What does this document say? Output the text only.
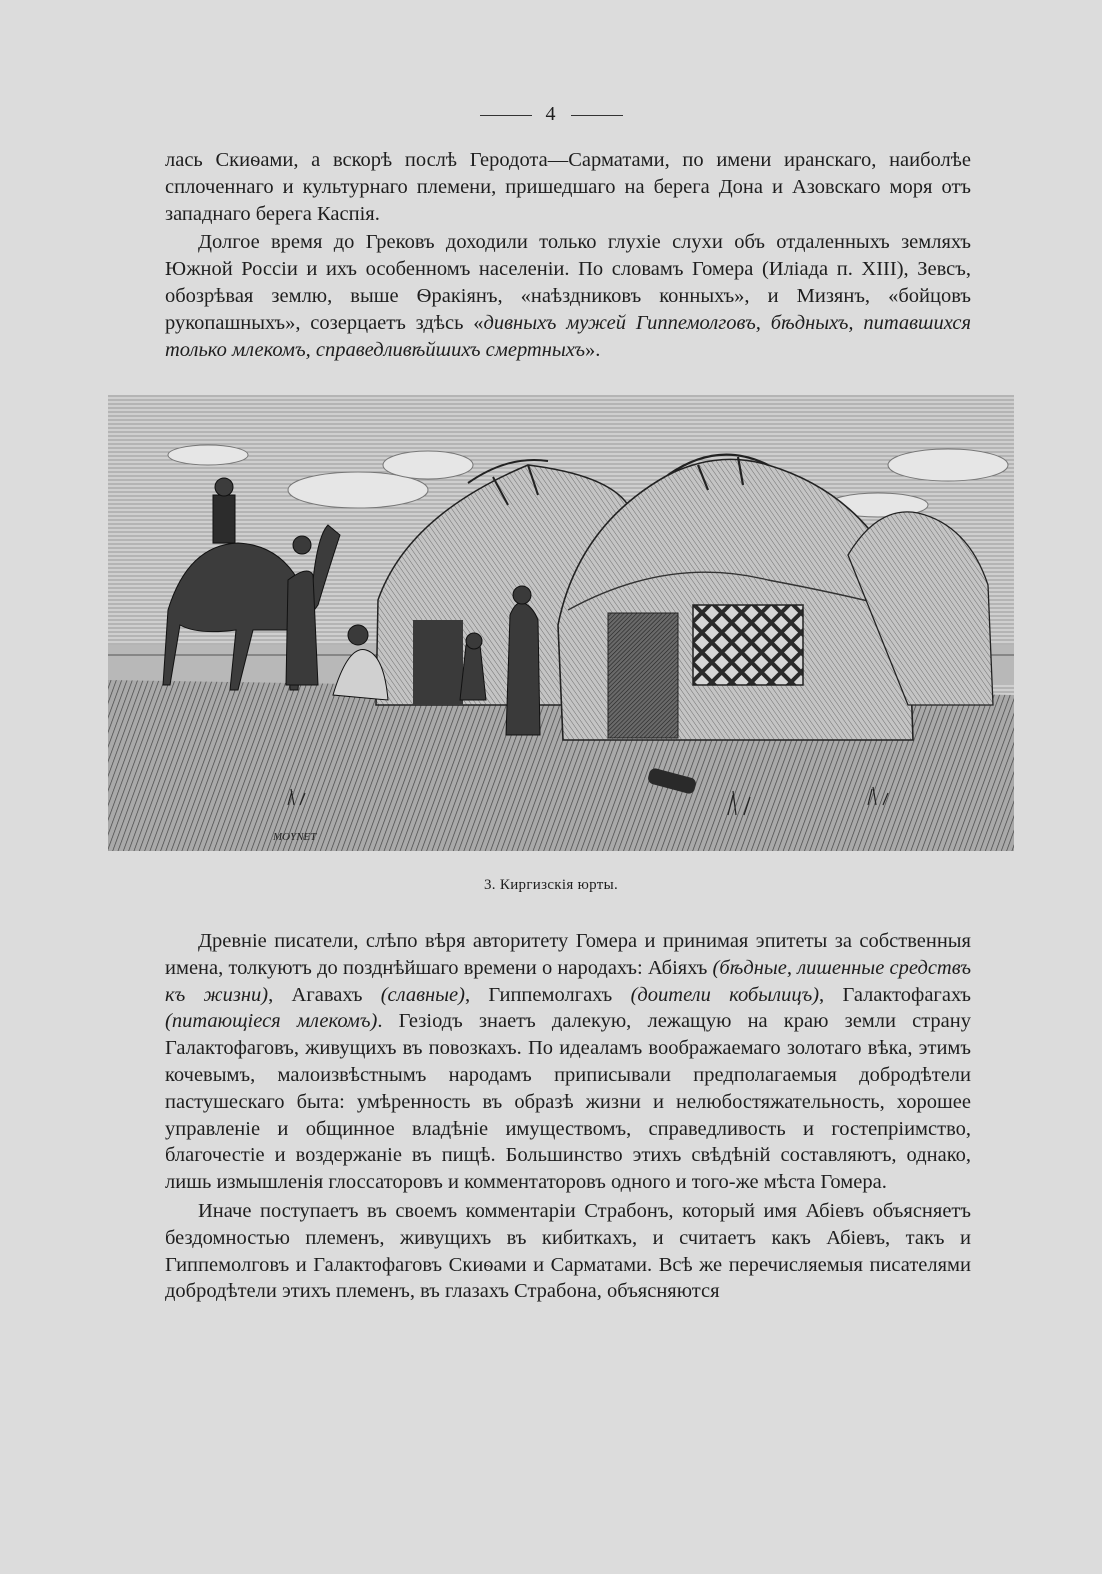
4

лась Скиѳами, а вскорѣ послѣ Геродота—Сарматами, по имени иранскаго, наиболѣе сплоченнаго и культурнаго племени, пришедшаго на берега Дона и Азовскаго моря отъ западнаго берега Каспія.

Долгое время до Грековъ доходили только глухіе слухи объ отдаленныхъ земляхъ Южной Россіи и ихъ особенномъ населеніи. По словамъ Гомера (Иліада п. XIII), Зевсъ, обозрѣвая землю, выше Ѳракіянъ, «наѣздниковъ конныхъ», и Мизянъ, «бойцовъ рукопашныхъ», созерцаетъ здѣсь «дивныхъ мужей Гиппемолговъ, бѣдныхъ, питавшихся только млекомъ, справедливѣйшихъ смертныхъ».

MOYNET
3. Киргизскія юрты.

Древніе писатели, слѣпо вѣря авторитету Гомера и принимая эпитеты за собственныя имена, толкуютъ до позднѣйшаго времени о народахъ: Абіяхъ (бѣдные, лишенные средствъ къ жизни), Агавахъ (славные), Гиппемолгахъ (доители кобылицъ), Галактофагахъ (питающіеся млекомъ). Гезіодъ знаетъ далекую, лежащую на краю земли страну Галактофаговъ, живущихъ въ повозкахъ. По идеаламъ воображаемаго золотаго вѣка, этимъ кочевымъ, малоизвѣстнымъ народамъ приписывали предполагаемыя добродѣтели пастушескаго быта: умѣренность въ образѣ жизни и нелюбостяжательность, хорошее управленіе и общинное владѣніе имуществомъ, справедливость и гостепріимство, благочестіе и воздержаніе въ пищѣ. Большинство этихъ свѣдѣній составляютъ, однако, лишь измышленія глоссаторовъ и комментаторовъ одного и того-же мѣста Гомера.

Иначе поступаетъ въ своемъ комментаріи Страбонъ, который имя Абіевъ объясняетъ бездомностью племенъ, живущихъ въ кибиткахъ, и считаетъ какъ Абіевъ, такъ и Гиппемолговъ и Галактофаговъ Скиѳами и Сарматами. Всѣ же перечисляемыя писателями добродѣтели этихъ племенъ, въ глазахъ Страбона, объясняются
